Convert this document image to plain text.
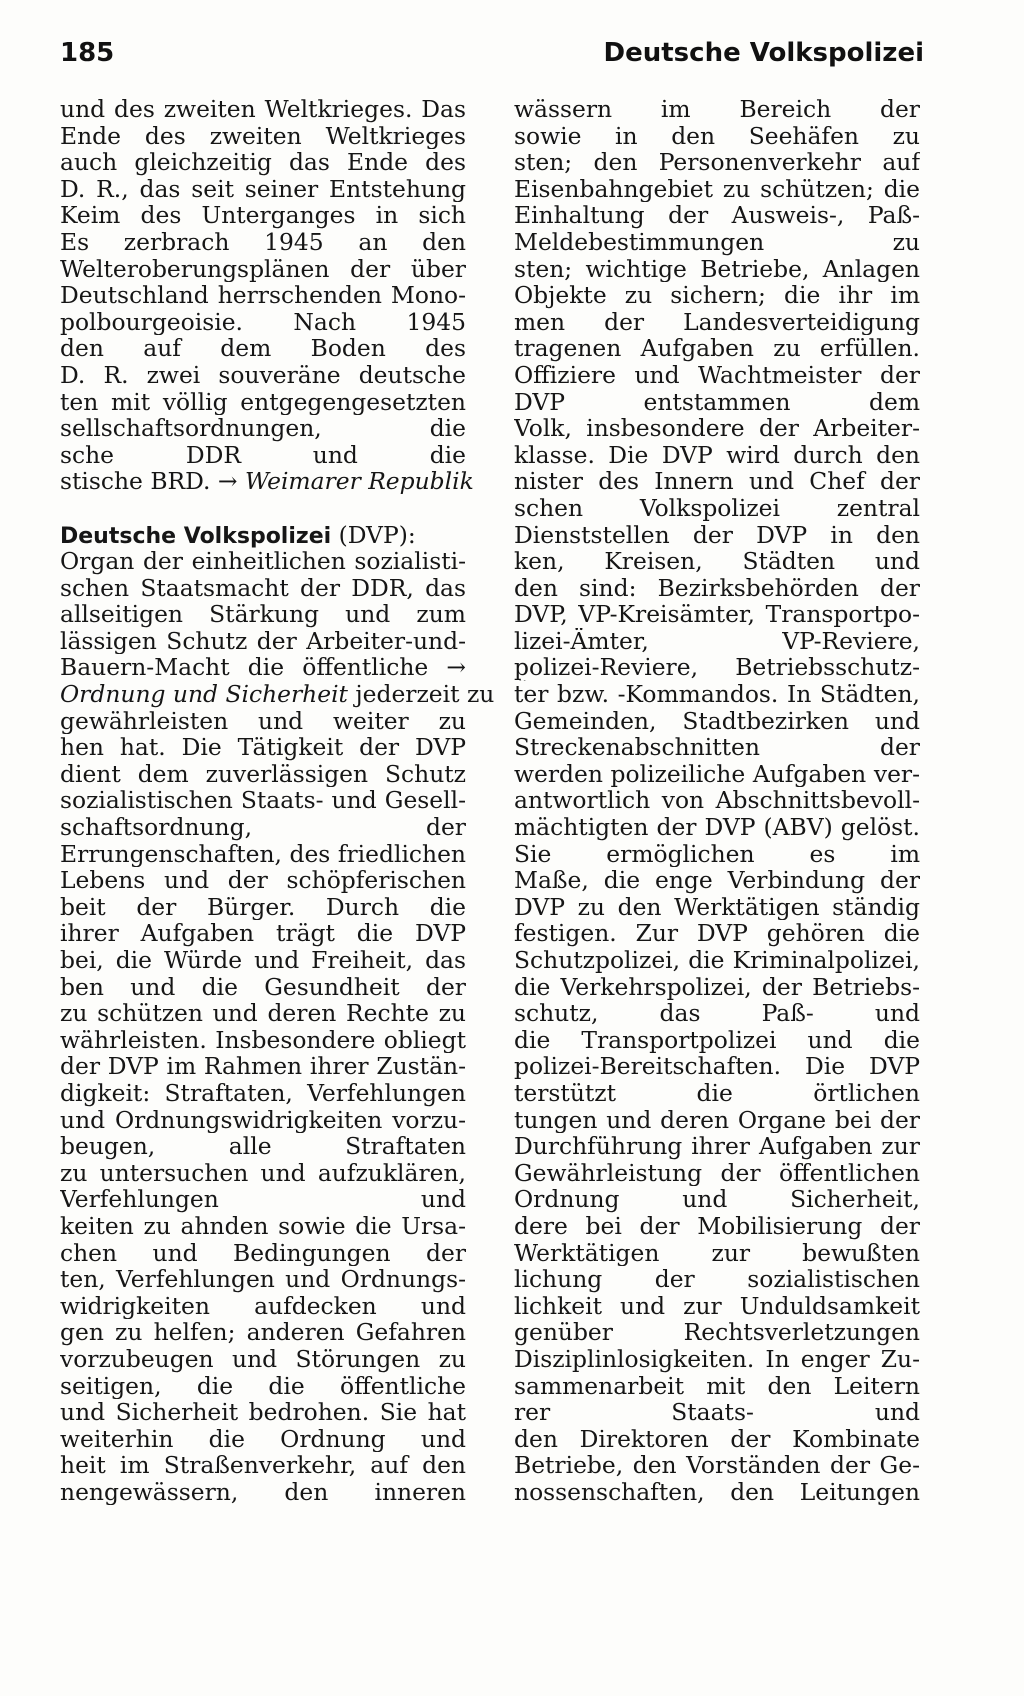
185	Deutsche Volkspolizei
und des zweiten Weltkrieges. Das
Ende des zweiten Weltkrieges
auch gleichzeitig das Ende des
D. R., das seit seiner Entstehung
Keim des Unterganges in sich
Es zerbrach 1945 an den
Welteroberungsplänen der über
Deutschland herrschenden Mono-
polbourgeoisie. Nach 1945
den auf dem Boden des
D. R. zwei souveräne deutsche
ten mit völlig entgegengesetzten
sellschaftsordnungen, die
sche DDR und die
stische BRD. → Weimarer Republik
Deutsche Volkspolizei (DVP):
Organ der einheitlichen sozialisti-
schen Staatsmacht der DDR, das
allseitigen Stärkung und zum
lässigen Schutz der Arbeiter-und-
Bauern-Macht die öffentliche →
Ordnung und Sicherheit jederzeit zu
gewährleisten und weiter zu
hen hat. Die Tätigkeit der DVP
dient dem zuverlässigen Schutz
sozialistischen Staats- und Gesell-
schaftsordnung, der
Errungenschaften, des friedlichen
Lebens und der schöpferischen
beit der Bürger. Durch die
ihrer Aufgaben trägt die DVP
bei, die Würde und Freiheit, das
ben und die Gesundheit der
zu schützen und deren Rechte zu
währleisten. Insbesondere obliegt
der DVP im Rahmen ihrer Zustän-
digkeit: Straftaten, Verfehlungen
und Ordnungswidrigkeiten vorzu-
beugen, alle Straftaten
zu untersuchen und aufzuklären,
Verfehlungen und
keiten zu ahnden sowie die Ursa-
chen und Bedingungen der
ten, Verfehlungen und Ordnungs-
widrigkeiten aufdecken und
gen zu helfen; anderen Gefahren
vorzubeugen und Störungen zu
seitigen, die die öffentliche
und Sicherheit bedrohen. Sie hat
weiterhin die Ordnung und
heit im Straßenverkehr, auf den
nengewässern, den inneren
wässern im Bereich der
sowie in den Seehäfen zu
sten; den Personenverkehr auf
Eisenbahngebiet zu schützen; die
Einhaltung der Ausweis-, Paß-
Meldebestimmungen zu
sten; wichtige Betriebe, Anlagen
Objekte zu sichern; die ihr im
men der Landesverteidigung
tragenen Aufgaben zu erfüllen.
Offiziere und Wachtmeister der
DVP entstammen dem
Volk, insbesondere der Arbeiter-
klasse. Die DVP wird durch den
nister des Innern und Chef der
schen Volkspolizei zentral
Dienststellen der DVP in den
ken, Kreisen, Städten und
den sind: Bezirksbehörden der
DVP, VP-Kreisämter, Transportpo-
lizei-Ämter, VP-Reviere,
polizei-Reviere, Betriebsschutz-
ter bzw. -Kommandos. In Städten,
Gemeinden, Stadtbezirken und
Streckenabschnitten der
werden polizeiliche Aufgaben ver-
antwortlich von Abschnittsbevoll-
mächtigten der DVP (ABV) gelöst.
Sie ermöglichen es im
Maße, die enge Verbindung der
DVP zu den Werktätigen ständig
festigen. Zur DVP gehören die
Schutzpolizei, die Kriminalpolizei,
die Verkehrspolizei, der Betriebs-
schutz, das Paß- und
die Transportpolizei und die
polizei-Bereitschaften. Die DVP
terstützt die örtlichen
tungen und deren Organe bei der
Durchführung ihrer Aufgaben zur
Gewährleistung der öffentlichen
Ordnung und Sicherheit,
dere bei der Mobilisierung der
Werktätigen zur bewußten
lichung der sozialistischen
lichkeit und zur Unduldsamkeit
genüber Rechtsverletzungen
Disziplinlosigkeiten. In enger Zu-
sammenarbeit mit den Leitern
rer Staats- und
den Direktoren der Kombinate
Betriebe, den Vorständen der Ge-
nossenschaften, den Leitungen
